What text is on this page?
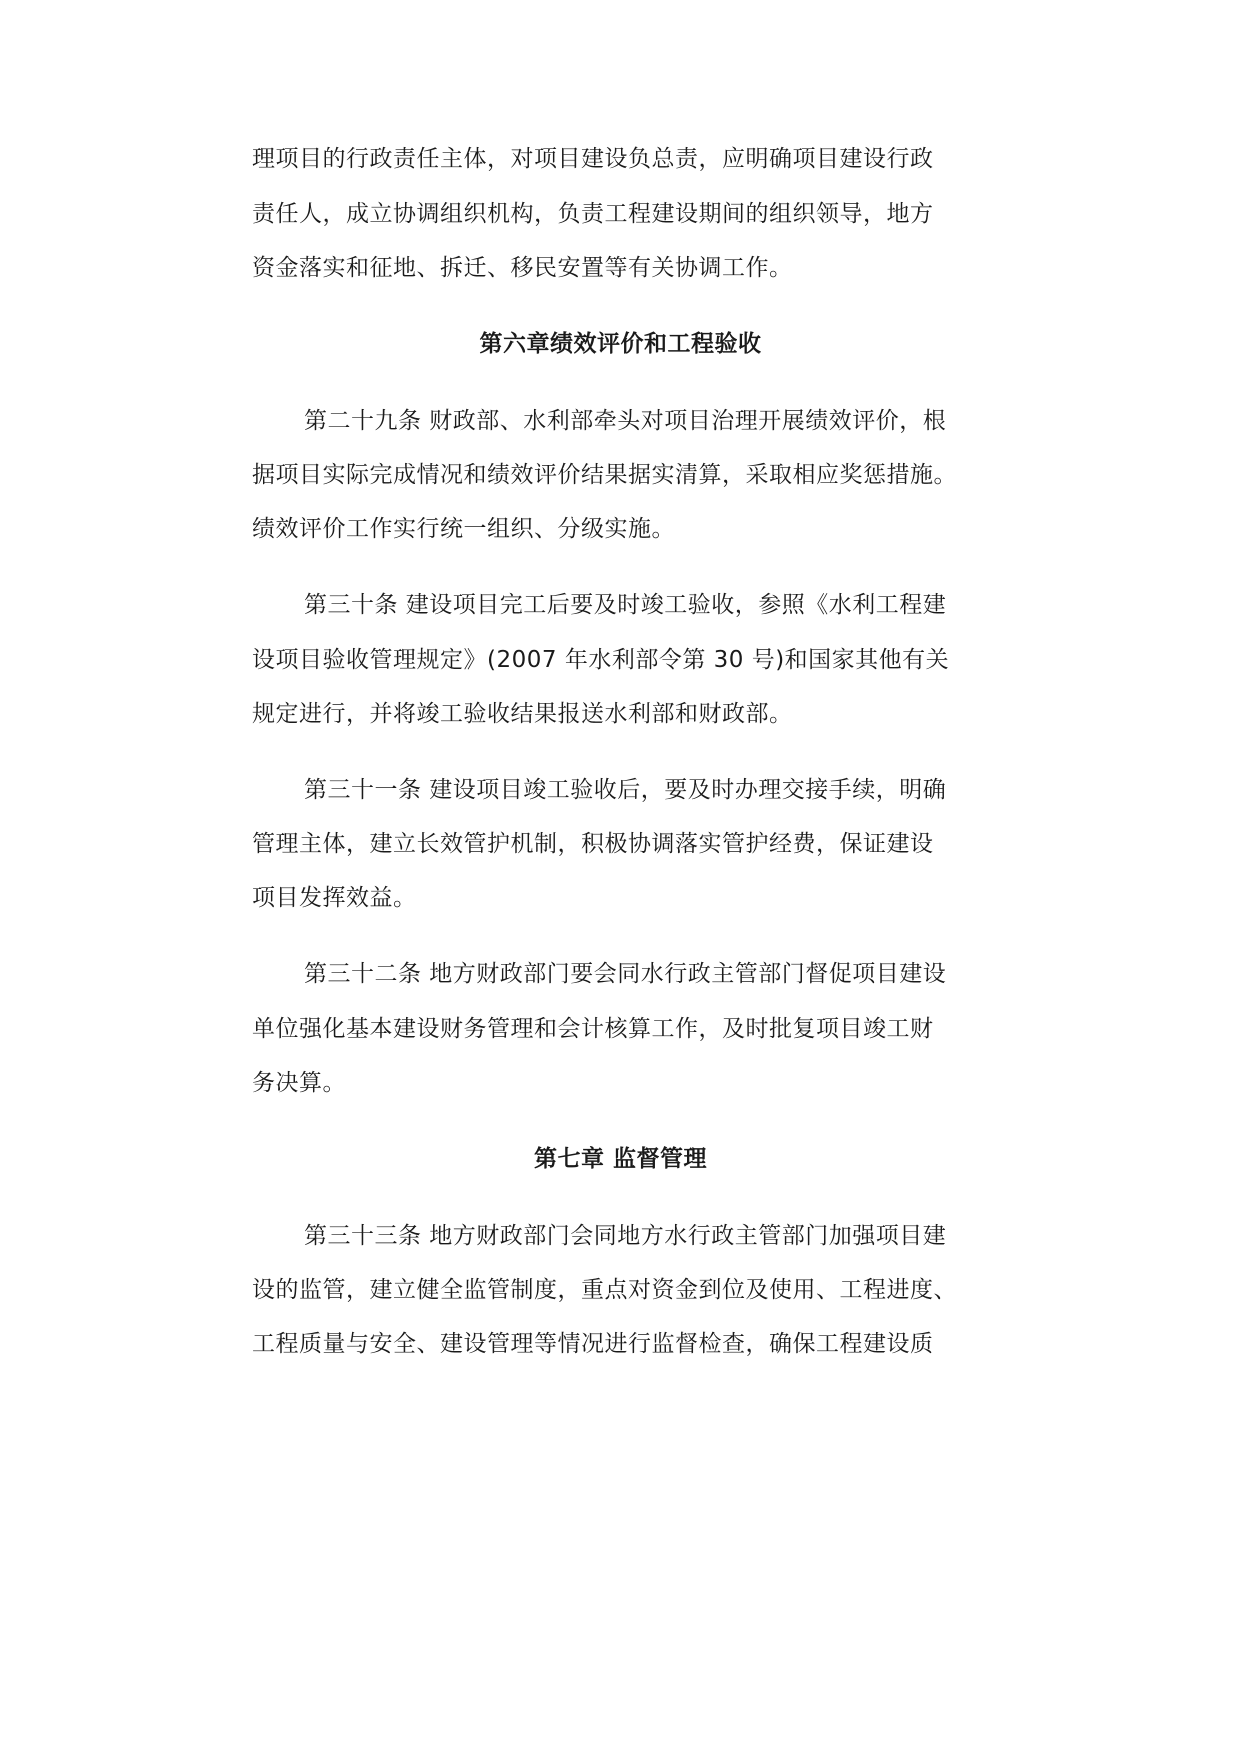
理项目的行政责任主体，对项目建设负总责，应明确项目建设行政
责任人，成立协调组织机构，负责工程建设期间的组织领导，地方
资金落实和征地、拆迁、移民安置等有关协调工作。
第六章绩效评价和工程验收
第二十九条 财政部、水利部牵头对项目治理开展绩效评价，根
据项目实际完成情况和绩效评价结果据实清算，采取相应奖惩措施。
绩效评价工作实行统一组织、分级实施。
第三十条 建设项目完工后要及时竣工验收，参照《水利工程建
设项目验收管理规定》(2007 年水利部令第 30 号)和国家其他有关
规定进行，并将竣工验收结果报送水利部和财政部。
第三十一条 建设项目竣工验收后，要及时办理交接手续，明确
管理主体，建立长效管护机制，积极协调落实管护经费，保证建设
项目发挥效益。
第三十二条 地方财政部门要会同水行政主管部门督促项目建设
单位强化基本建设财务管理和会计核算工作，及时批复项目竣工财
务决算。
第七章 监督管理
第三十三条 地方财政部门会同地方水行政主管部门加强项目建
设的监管，建立健全监管制度，重点对资金到位及使用、工程进度、
工程质量与安全、建设管理等情况进行监督检查，确保工程建设质
